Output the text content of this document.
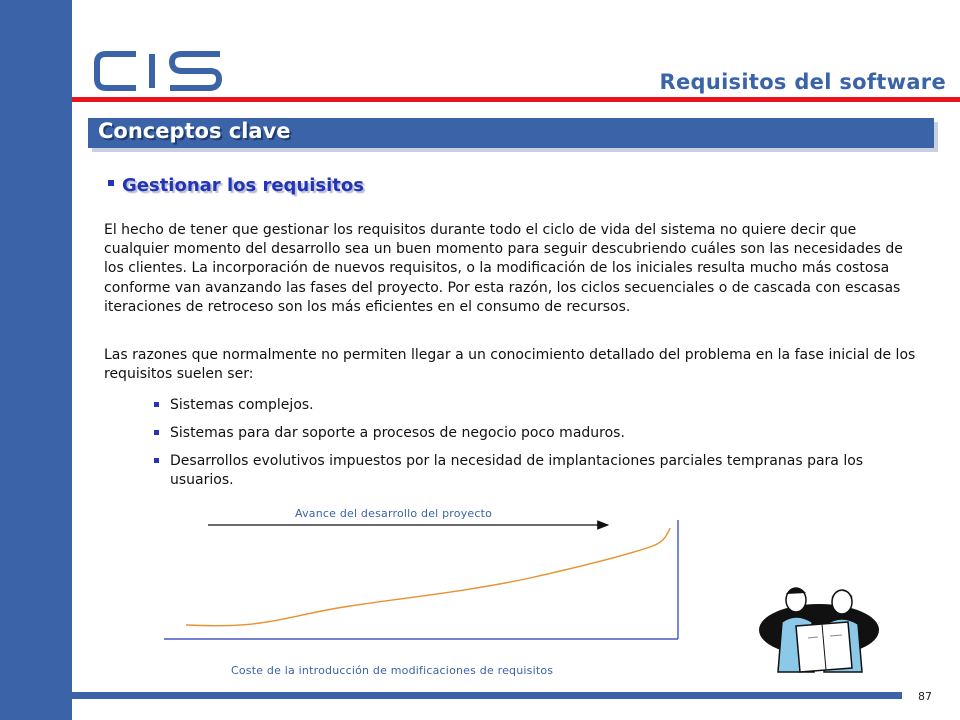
Requisitos del software
Conceptos clave
Gestionar los requisitos

El hecho de tener que gestionar los requisitos durante todo el ciclo de vida del sistema no quiere decir que cualquier momento del desarrollo sea un buen momento para seguir descubriendo cuáles son las necesidades de los clientes. La incorporación de nuevos requisitos, o la modificación de los iniciales resulta mucho más costosa conforme van avanzando las fases del proyecto. Por esta razón, los ciclos secuenciales o de cascada con escasas iteraciones de retroceso son los más eficientes en el consumo de recursos.

Las razones que normalmente no permiten llegar a un conocimiento detallado del problema en la fase inicial de los requisitos suelen ser:

Sistemas complejos.
Sistemas para dar soporte a procesos de negocio poco maduros.
Desarrollos evolutivos impuestos por la necesidad de implantaciones parciales tempranas para los usuarios.
Avance del desarrollo del proyecto
Coste de la introducción de modificaciones de requisitos
87
